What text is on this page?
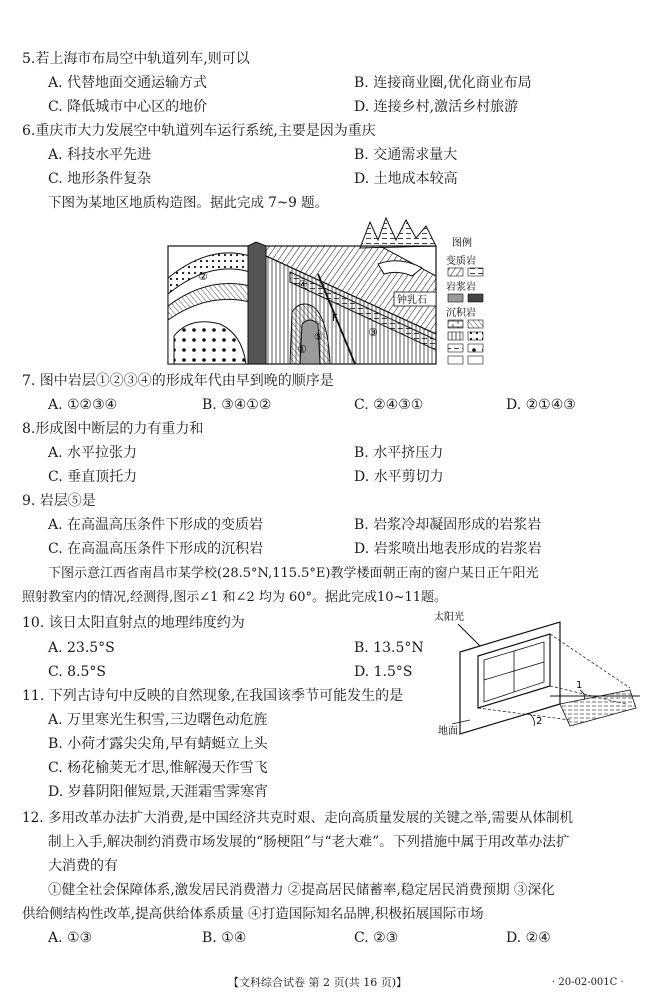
5.若上海市布局空中轨道列车,则可以
A. 代替地面交通运输方式	B. 连接商业圈,优化商业布局
C. 降低城市中心区的地价	D. 连接乡村,激活乡村旅游
6.重庆市大力发展空中轨道列车运行系统,主要是因为重庆
A. 科技水平先进	B. 交通需求量大
C. 地形条件复杂	D. 土地成本较高
下图为某地区地质构造图。据此完成 7~9 题。
②
④
③
①
⑤
F
钟乳石
图例
变质岩
岩浆岩
沉积岩
7. 图中岩层①②③④的形成年代由早到晚的顺序是
A. ①②③④	B. ③④①②	C. ②④③①	D. ②①④③
8.形成图中断层的力有重力和
A. 水平拉张力	B. 水平挤压力
C. 垂直顶托力	D. 水平剪切力
9. 岩层⑤是
A. 在高温高压条件下形成的变质岩	B. 岩浆冷却凝固形成的岩浆岩
C. 在高温高压条件下形成的沉积岩	D. 岩浆喷出地表形成的岩浆岩
下图示意江西省南昌市某学校(28.5°N,115.5°E)教学楼面朝正南的窗户某日正午阳光
照射教室内的情况,经测得,图示∠1 和∠2 均为 60°。据此完成10~11题。
10. 该日太阳直射点的地理纬度约为
A. 23.5°S	B. 13.5°N
C. 8.5°S	D. 1.5°S
太阳光
1
2
地面
11. 下列古诗句中反映的自然现象,在我国该季节可能发生的是
A. 万里寒光生积雪,三边曙色动危旌
B. 小荷才露尖尖角,早有蜻蜓立上头
C. 杨花榆荚无才思,惟解漫天作雪飞
D. 岁暮阴阳催短景,天涯霜雪霁寒宵
12. 多用改革办法扩大消费,是中国经济共克时艰、走向高质量发展的关键之举,需要从体制机
制上入手,解决制约消费市场发展的“肠梗阻”与“老大难”。下列措施中属于用改革办法扩
大消费的有
①健全社会保障体系,激发居民消费潜力 ②提高居民储蓄率,稳定居民消费预期 ③深化
供给侧结构性改革,提高供给体系质量 ④打造国际知名品牌,积极拓展国际市场
A. ①③	B. ①④	C. ②③	D. ②④
【文科综合试卷 第 2 页(共 16 页)】	· 20-02-001C ·
